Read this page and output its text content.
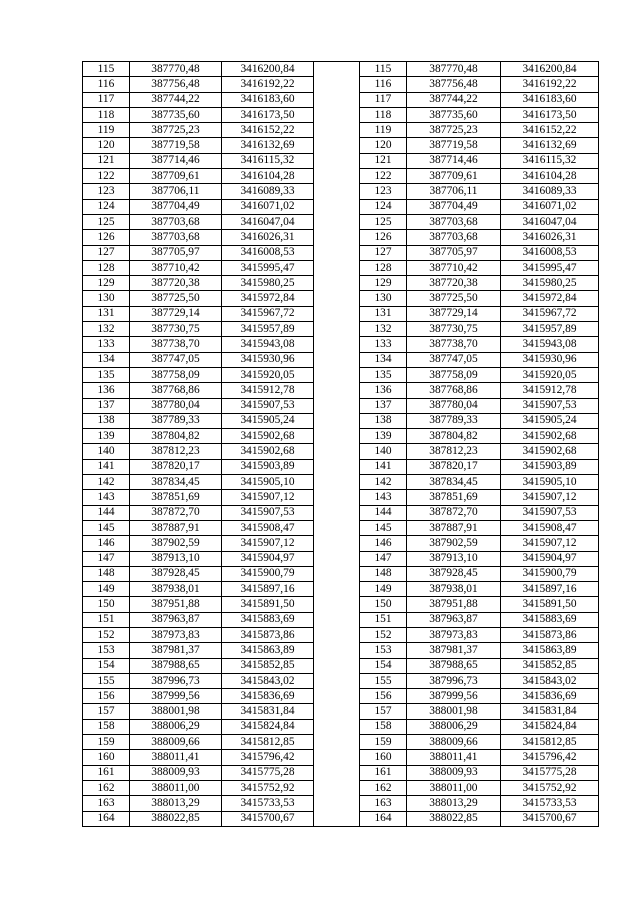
115	387770,48	3416200,84		115	387770,48	3416200,84
116	387756,48	3416192,22		116	387756,48	3416192,22
117	387744,22	3416183,60		117	387744,22	3416183,60
118	387735,60	3416173,50		118	387735,60	3416173,50
119	387725,23	3416152,22		119	387725,23	3416152,22
120	387719,58	3416132,69		120	387719,58	3416132,69
121	387714,46	3416115,32		121	387714,46	3416115,32
122	387709,61	3416104,28		122	387709,61	3416104,28
123	387706,11	3416089,33		123	387706,11	3416089,33
124	387704,49	3416071,02		124	387704,49	3416071,02
125	387703,68	3416047,04		125	387703,68	3416047,04
126	387703,68	3416026,31		126	387703,68	3416026,31
127	387705,97	3416008,53		127	387705,97	3416008,53
128	387710,42	3415995,47		128	387710,42	3415995,47
129	387720,38	3415980,25		129	387720,38	3415980,25
130	387725,50	3415972,84		130	387725,50	3415972,84
131	387729,14	3415967,72		131	387729,14	3415967,72
132	387730,75	3415957,89		132	387730,75	3415957,89
133	387738,70	3415943,08		133	387738,70	3415943,08
134	387747,05	3415930,96		134	387747,05	3415930,96
135	387758,09	3415920,05		135	387758,09	3415920,05
136	387768,86	3415912,78		136	387768,86	3415912,78
137	387780,04	3415907,53		137	387780,04	3415907,53
138	387789,33	3415905,24		138	387789,33	3415905,24
139	387804,82	3415902,68		139	387804,82	3415902,68
140	387812,23	3415902,68		140	387812,23	3415902,68
141	387820,17	3415903,89		141	387820,17	3415903,89
142	387834,45	3415905,10		142	387834,45	3415905,10
143	387851,69	3415907,12		143	387851,69	3415907,12
144	387872,70	3415907,53		144	387872,70	3415907,53
145	387887,91	3415908,47		145	387887,91	3415908,47
146	387902,59	3415907,12		146	387902,59	3415907,12
147	387913,10	3415904,97		147	387913,10	3415904,97
148	387928,45	3415900,79		148	387928,45	3415900,79
149	387938,01	3415897,16		149	387938,01	3415897,16
150	387951,88	3415891,50		150	387951,88	3415891,50
151	387963,87	3415883,69		151	387963,87	3415883,69
152	387973,83	3415873,86		152	387973,83	3415873,86
153	387981,37	3415863,89		153	387981,37	3415863,89
154	387988,65	3415852,85		154	387988,65	3415852,85
155	387996,73	3415843,02		155	387996,73	3415843,02
156	387999,56	3415836,69		156	387999,56	3415836,69
157	388001,98	3415831,84		157	388001,98	3415831,84
158	388006,29	3415824,84		158	388006,29	3415824,84
159	388009,66	3415812,85		159	388009,66	3415812,85
160	388011,41	3415796,42		160	388011,41	3415796,42
161	388009,93	3415775,28		161	388009,93	3415775,28
162	388011,00	3415752,92		162	388011,00	3415752,92
163	388013,29	3415733,53		163	388013,29	3415733,53
164	388022,85	3415700,67		164	388022,85	3415700,67
